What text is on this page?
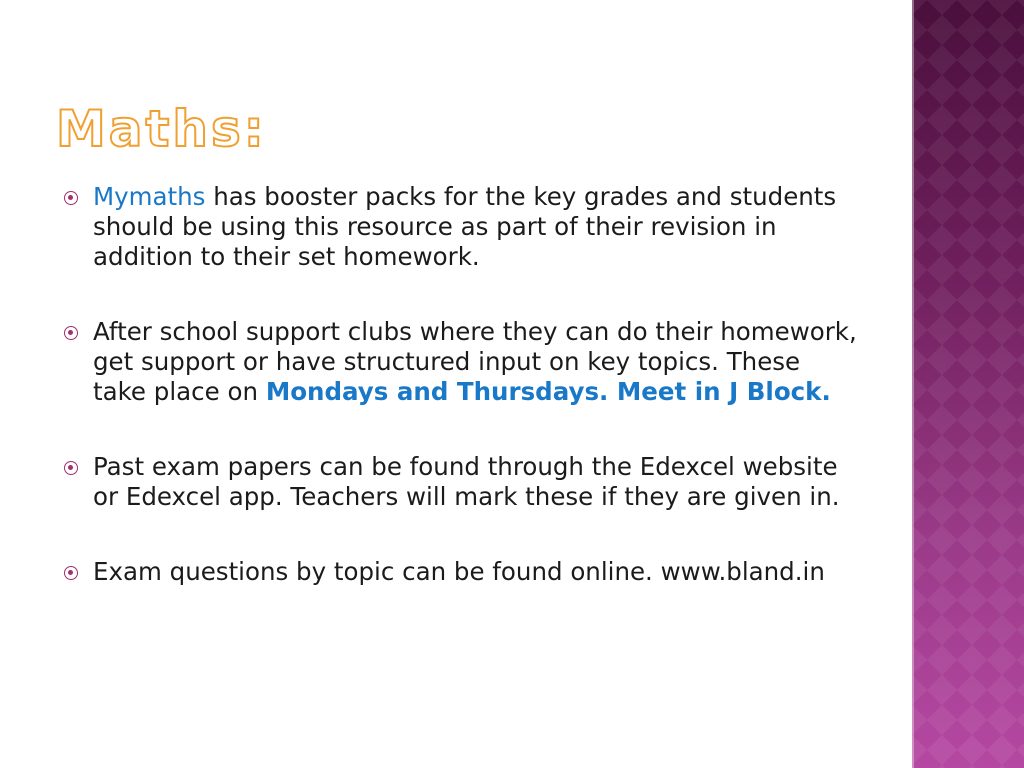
Maths:
Mymaths has booster packs for the key grades and students should be using this resource as part of their revision in addition to their set homework.
After school support clubs where they can do their homework, get support or have structured input on key topics. These take place on Mondays and Thursdays. Meet in J Block.
Past exam papers can be found through the Edexcel website or Edexcel app. Teachers will mark these if they are given in.
Exam questions by topic can be found online. www.bland.in
